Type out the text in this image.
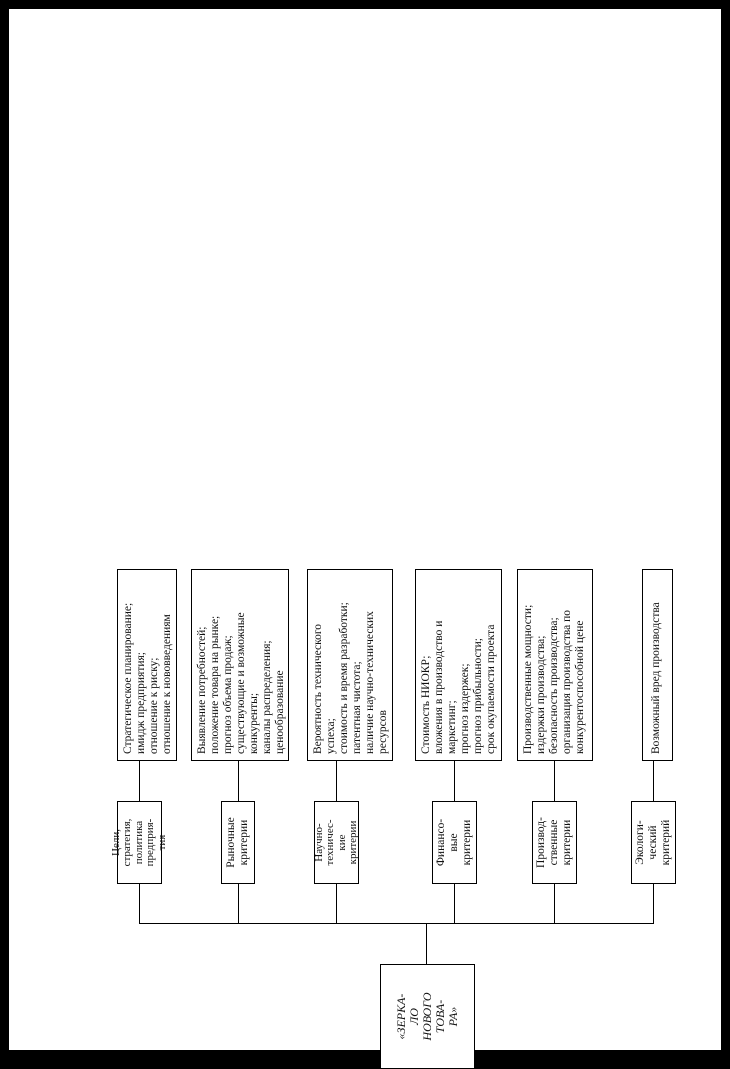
«ЗЕРКА-
ЛО
НОВОГО
ТОВА-
РА»
Цели,
стратегия,
политика
предприя-
тия	Рыночные
критерии	Научно-
техничес-
кие
критерии	Финансо-
вые
критерии	Производ-
ственные
критерии	Экологи-
ческий
критерий
Стратегическое планирование;
имидж предприятия;
отношение к риску;
отношение к нововведениям
Выявление потребностей;
положение товара на рынке;
прогноз объема продаж;
существующие и возможные
конкуренты;
каналы распределения;
ценообразование	Вероятность технического
успеха;
стоимость и время разработки;
патентная чистота;
наличие научно-технических
ресурсов	Стоимость НИОКР;
вложения в производство и
маркетинг;
прогноз издержек;
прогноз прибыльности;
срок окупаемости проекта
Производственные мощности;
издержки производства;
безопасность производства;
организация производства по
конкурентоспособной цене	Возможный вред производства
